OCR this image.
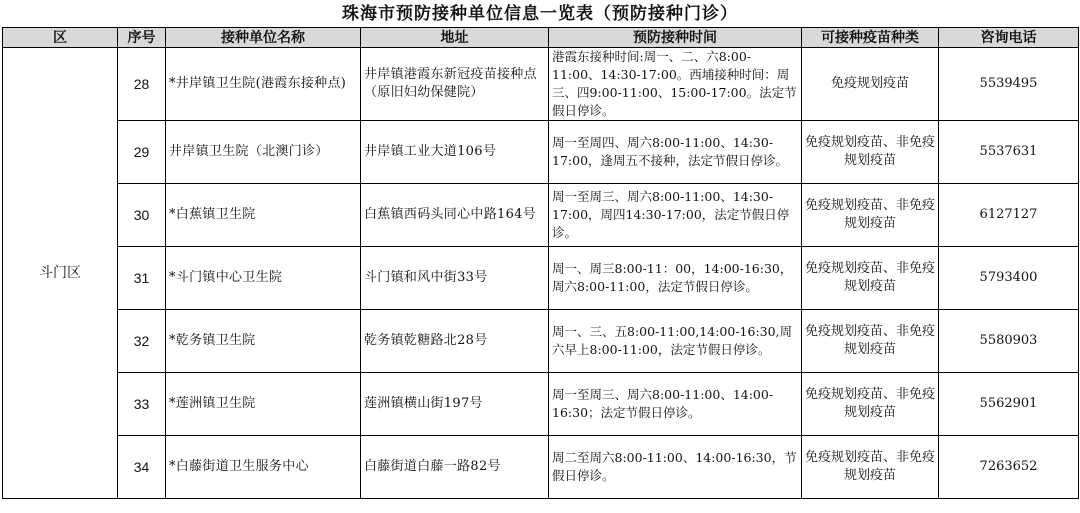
珠海市预防接种单位信息一览表（预防接种门诊）
区	序号	接种单位名称	地址	预防接种时间	可接种疫苗种类	咨询电话
斗门区	28	*井岸镇卫生院(港霞东接种点)	井岸镇港霞东新冠疫苗接种点（原旧妇幼保健院）	港霞东接种时间:周一、二、六8:00-11:00、14:30-17:00。西埔接种时间：周三、四9:00-11:00、15:00-17:00。法定节假日停诊。	免疫规划疫苗	5539495
	29	井岸镇卫生院（北澳门诊）	井岸镇工业大道106号	周一至周四、周六8:00-11:00、14:30-17:00，逢周五不接种，法定节假日停诊。	免疫规划疫苗、非免疫规划疫苗	5537631
	30	*白蕉镇卫生院	白蕉镇西码头同心中路164号	周一至周三、周六8:00-11:00、14:30-17:00，周四14:30-17:00，法定节假日停诊。	免疫规划疫苗、非免疫规划疫苗	6127127
	31	*斗门镇中心卫生院	斗门镇和风中街33号	周一、周三8:00-11：00，14:00-16:30，周六8:00-11:00，法定节假日停诊。	免疫规划疫苗、非免疫规划疫苗	5793400
	32	*乾务镇卫生院	乾务镇乾糖路北28号	周一、三、五8:00-11:00,14:00-16:30,周六早上8:00-11:00，法定节假日停诊。	免疫规划疫苗、非免疫规划疫苗	5580903
	33	*莲洲镇卫生院	莲洲镇横山街197号	周一至周三、周六8:00-11:00、14:00-16:30；法定节假日停诊。	免疫规划疫苗、非免疫规划疫苗	5562901
	34	*白藤街道卫生服务中心	白藤街道白藤一路82号	周二至周六8:00-11:00、14:00-16:30，节假日停诊。	免疫规划疫苗、非免疫规划疫苗	7263652
